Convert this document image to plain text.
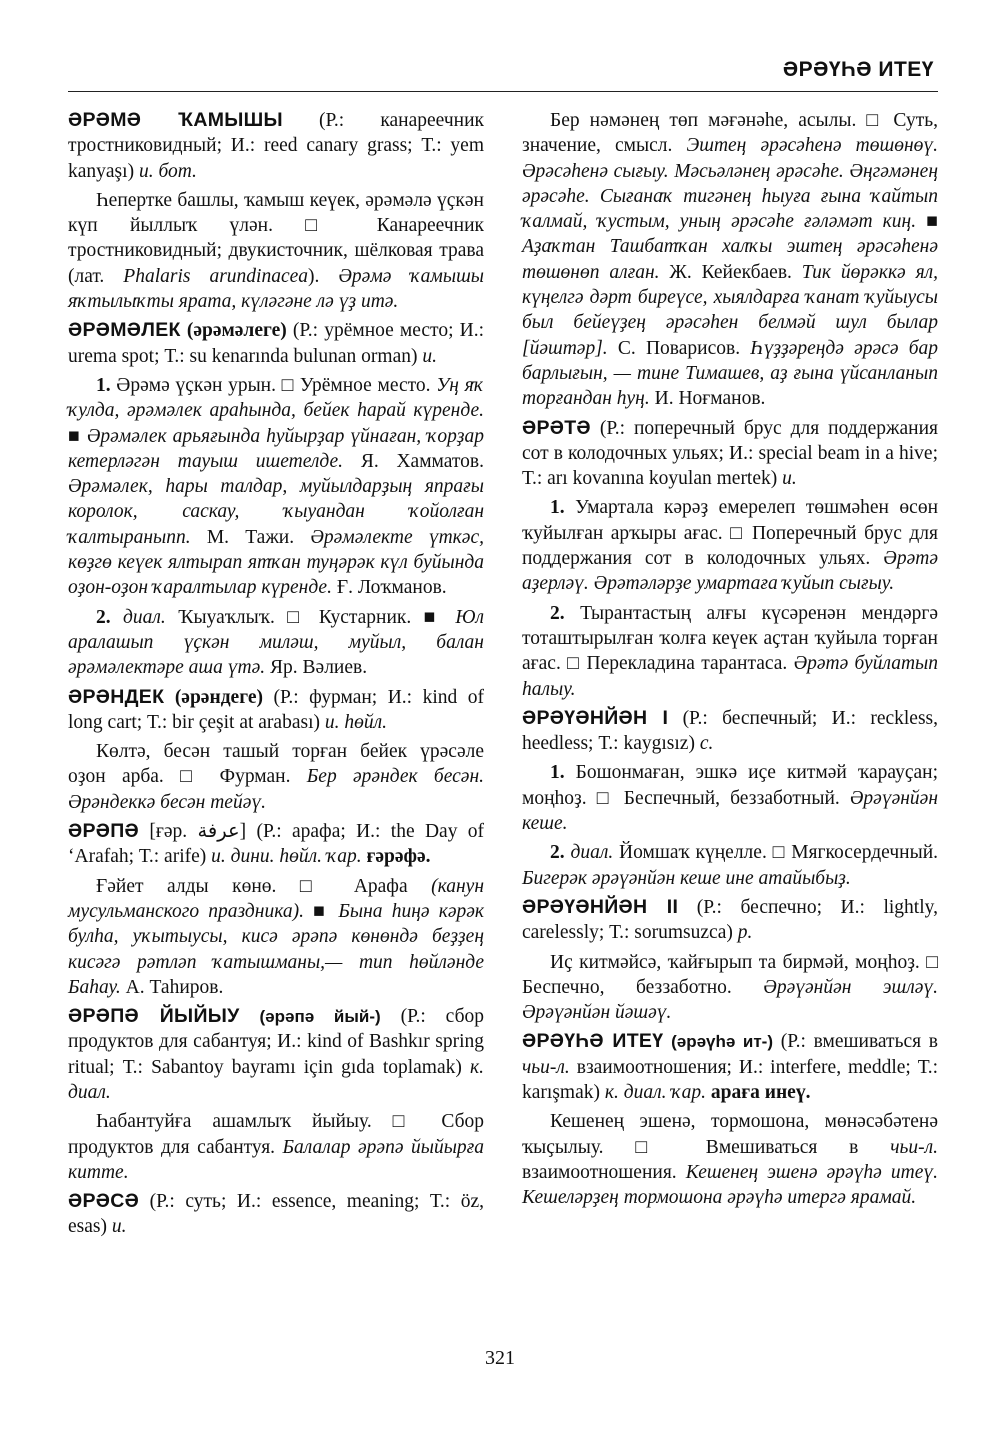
ƏРƏҮҺƏ ИТЕҮ

ƏРƏМƏ ҠАМЫШЫ (Р.: канареечник тростниковидный; И.: reed canary grass; Т.: yem kanyaşı) и. бот.

Һепертке башлы, ҡамыш кеүек, әрәмәлә үҫкән күп йыллыҡ үлән. □ Канареечник тростниковидный; двукисточник, шёлковая трава (лат. Phalaris arundinacea). Әрәмә ҡамышы яҡтылыҡты ярата, күләгәне лә үҙ итә.

ƏРƏМƏЛЕК (әрәмәлеге) (Р.: урёмное место; И.: urema spot; Т.: su kenarında bulunan orman) и.

1. Әрәмә үҫкән урын. □ Урёмное место. Уң яҡ ҡулда, әрәмәлек араһында, бейек һарай күренде. ■ Әрәмәлек арьяғында һуйырҙар үйнаған, ҡорҙар кетерләгән тауыш ишетелде. Я. Хамматов. Әрәмәлек, һары талдар, муйылдарҙың япрағы королок, саскау, ҡыуандан ҡойолған ҡалтыраныпп. М. Тажи. Әрәмәлекте үткәс, көҙгө кеүек ялтырап ятҡан туңәрәк күл буйында оҙон-оҙон ҡаралтылар күренде. Ғ. Лоҡманов.

2. диал. Ҡыуаҡлыҡ. □ Кустарник. ■ Юл аралашып үҫкән миләш, муйыл, балан әрәмәлектәре аша үтә. Яр. Вәлиев.

ƏРƏНДЕК (әрәндеге) (Р.: фурман; И.: kind of long cart; Т.: bir çeşit at arabası) и. һөйл.

Көлтә, бесән ташый торған бейек үрәсәле оҙон арба. □ Фурман. Бер әрәндек бесән. Әрәндеккә бесән тейәү.

ƏРƏПƏ [ғәр. عرفة] (Р.: арафа; И.: the Day of ‘Arafah; Т.: arife) и. дини. һөйл. ҡар. ғәрәфә.

Ғәйет алды көнө. □ Арафа (канун мусульманского праздника). ■ Бына һиңә кәрәк булһа, уҡытыусы, кисә әрәпә көнөндә беҙҙең кисәгә рәтләп ҡатышманы,— тип һөйләнде Баһау. А. Таһиров.

ƏРƏПƏ ЙЫЙЫУ (әрәпә йый-) (Р.: сбор продуктов для сабантуя; И.: kind of Bashkır spring ritual; Т.: Sabantoy bayramı için gıda toplamak) к. диал.

Һабантуйға ашамлыҡ йыйыу. □ Сбор продуктов для сабантуя. Балалар әрәпә йыйырға китте.

ƏРƏСƏ (Р.: суть; И.: essence, meaning; Т.: öz, esas) и.

Бер нәмәнең төп мәғәнәһе, асылы. □ Суть, значение, смысл. Эштең әрәсәһенә төшөнөү. Әрәсәһенә сығыу. Мәсьәләнең әрәсәһе. Әңгәмәнең әрәсәһе. Сығанаҡ тигәнең һыуға ғына ҡайтып ҡалмай, ҡустым, уның әрәсәһе ғәләмәт киң. ■ Аҙаҡтан Ташбатҡан халҡы эштең әрәсәһенә төшөнөп алған. Ж. Кейекбаев. Тик йөрәккә ял, күңелгә дәрт биреүсе, хыялдарға ҡанат ҡуйыусы был бейеүҙең әрәсәһен белмәй шул былар [йәштәр]. С. Поварисов. Һүҙҙәреңдә әрәсә бар барлығын, — тине Тимашев, аҙ ғына үйсанланып торғандан һуң. И. Ноғманов.

ƏРƏТƏ (Р.: поперечный брус для поддержания сот в колодочных ульях; И.: special beam in a hive; Т.: arı kovanına koyulan mertek) и.

1. Умартала кәрәҙ емерелеп төшмәһен өсөн ҡуйылған арҡыры ағас. □ Поперечный брус для поддержания сот в колодочных ульях. Әрәтә аҙерләү. Әрәтәләрҙе умартаға ҡуйып сығыу.

2. Тырантастың алғы күсәренән мендәргә тоташтырылған ҡолға кеүек аҫтан ҡуйыла торған ағас. □ Перекладина тарантаса. Әрәтә буйлатып һалыу.

ƏРƏҮƏНЙƏН I (Р.: беспечный; И.: reckless, heedless; Т.: kaygısız) с.

1. Бошонмаған, эшкә иҫе китмәй ҡарауҫан; моңһоҙ. □ Беспечный, беззаботный. Әрәүәнйән кеше.

2. диал. Йомшаҡ күңелле. □ Мягкосердечный. Бигерәк әрәүәнйән кеше ине атайыбыҙ.

ƏРƏҮƏНЙƏН II (Р.: беспечно; И.: lightly, carelessly; Т.: sorumsuzca) р.

Иҫ китмәйсә, ҡайғырып та бирмәй, моңһоҙ. □ Беспечно, беззаботно. Әрәүәнйән эшләү. Әрәүәнйән йәшәү.

ƏРƏҮҺƏ ИТЕҮ (әрәүһә ит-) (Р.: вмешиваться в чьи-л. взаимоотношения; И.: interfere, meddle; Т.: karışmak) к. диал. ҡар. арағa инеү.

Кешенең эшенә, тормошона, мөнәсәбәтенә ҡыҫылыу. □ Вмешиваться в чьи-л. взаимоотношения. Кешенең эшенә әрәүһә итеү. Кешеләрҙең тормошона әрәүһә итергә ярамай.

321
